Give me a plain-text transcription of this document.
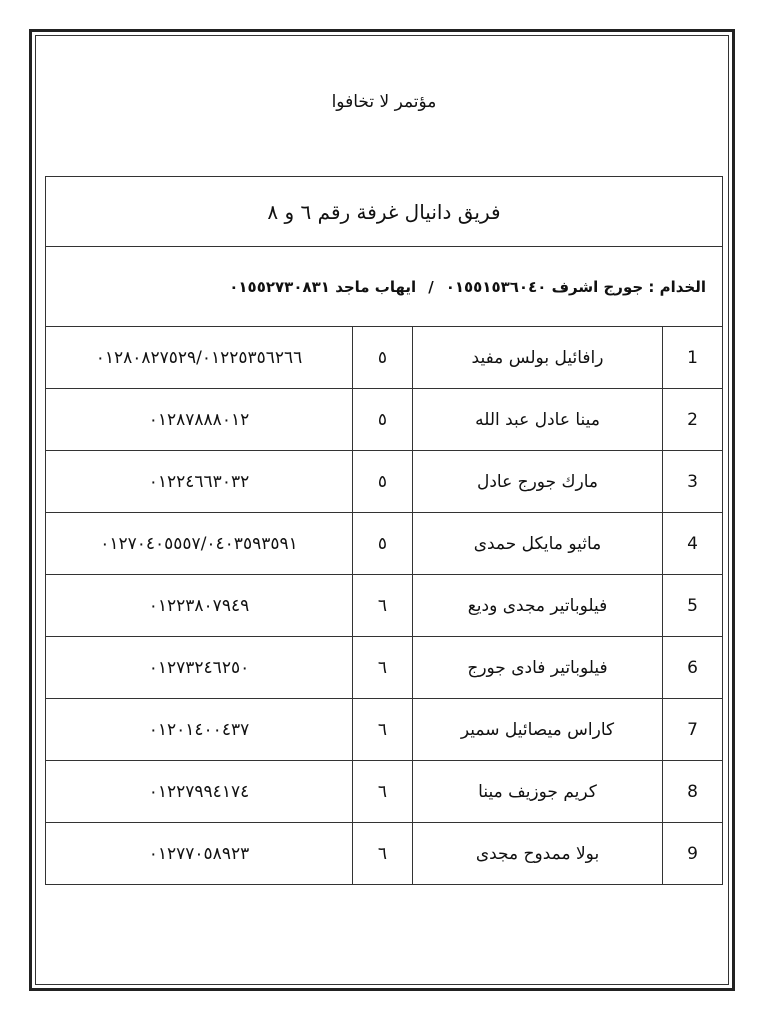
مؤتمر لا تخافوا
فريق دانيال غرفة رقم ٦ و ٨			
الخدام : جورج اشرف ٠١٥٥١٥٣٦٠٤٠/ايهاب ماجد ٠١٥٥٢٧٣٠٨٣١			
1	رافائيل بولس مفيد	٥	٠١٢٨٠٨٢٧٥٢٩/٠١٢٢٥٣٥٦٢٦٦
2	مينا عادل عبد الله	٥	٠١٢٨٧٨٨٨٠١٢
3	مارك جورج عادل	٥	٠١٢٢٤٦٦٣٠٣٢
4	ماثيو مايكل حمدى	٥	٠١٢٧٠٤٠٥٥٥٧/٠٤٠٣٥٩٣٥٩١
5	فيلوباتير مجدى وديع	٦	٠١٢٢٣٨٠٧٩٤٩
6	فيلوباتير فادى جورج	٦	٠١٢٧٣٢٤٦٢٥٠
7	كاراس ميصائيل سمير	٦	٠١٢٠١٤٠٠٤٣٧
8	كريم جوزيف مينا	٦	٠١٢٢٧٩٩٤١٧٤
9	بولا ممدوح مجدى	٦	٠١٢٧٧٠٥٨٩٢٣
